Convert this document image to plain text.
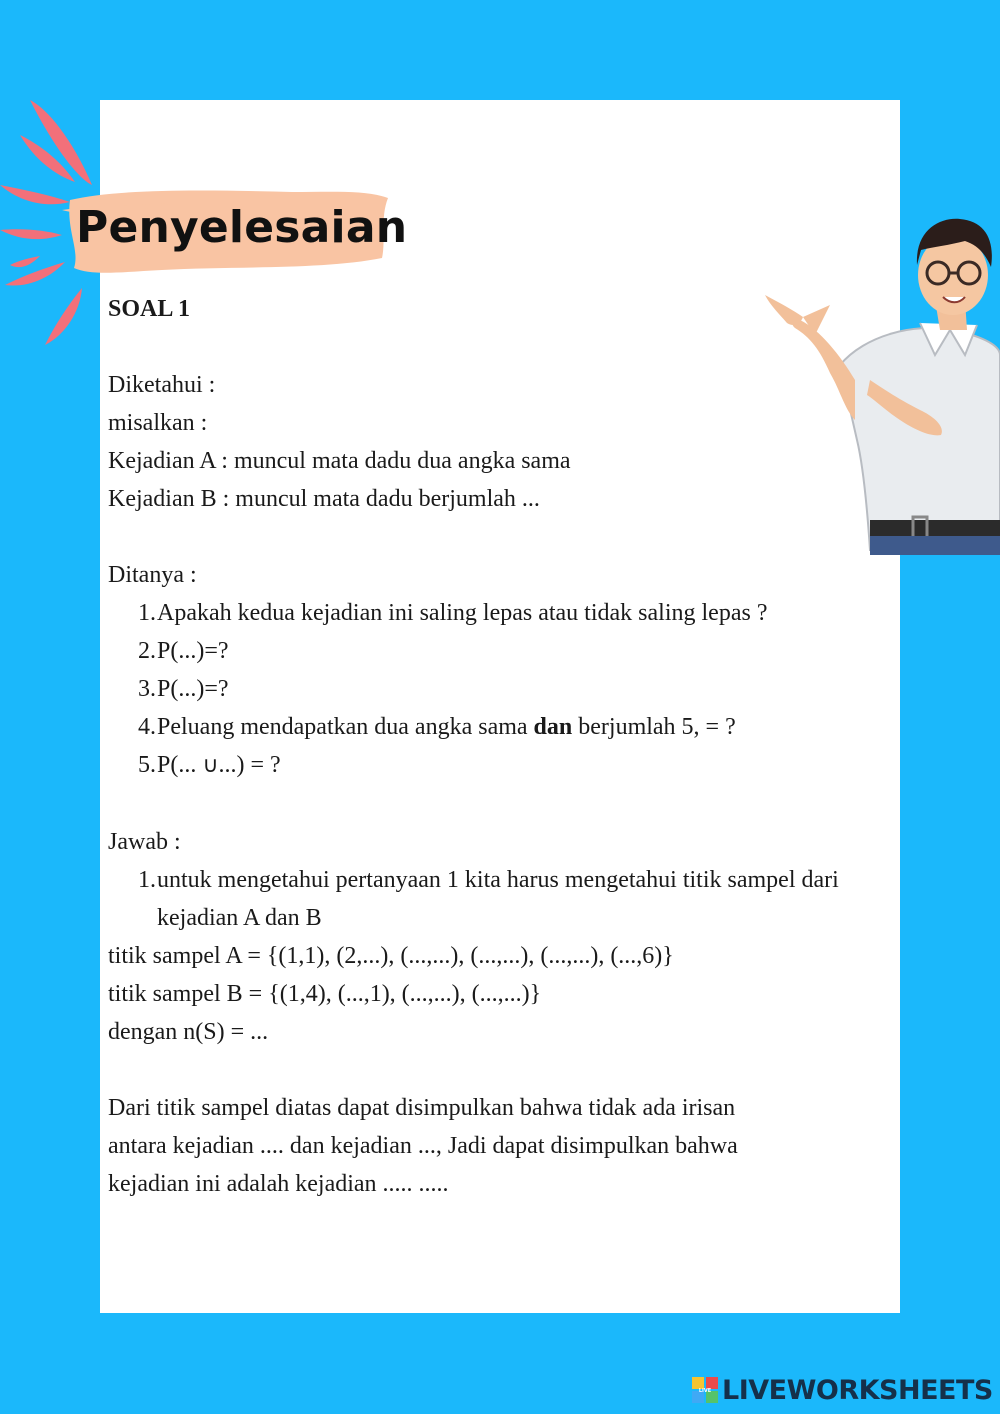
Penyelesaian
SOAL 1
Diketahui :
misalkan :
Kejadian A : muncul mata dadu dua angka sama
Kejadian B : muncul mata dadu berjumlah ...
Ditanya :
1. Apakah kedua kejadian ini saling lepas atau tidak saling lepas ?
2. P(...)=?
3. P(...)=?
4. Peluang mendapatkan dua angka sama dan berjumlah 5, = ?
5. P(... ∪...) = ?
Jawab :
1. untuk mengetahui pertanyaan 1 kita harus mengetahui titik sampel dari kejadian A dan B
titik sampel A = {(1,1), (2,...), (...,...), (...,...), (...,...), (...,6)}
titik sampel B = {(1,4), (...,1), (...,...), (...,...)}
dengan n(S) = ...
Dari titik sampel diatas dapat disimpulkan bahwa tidak ada irisan
antara kejadian .... dan kejadian ..., Jadi dapat disimpulkan bahwa
kejadian ini adalah kejadian ..... .....
LIVE LIVEWORKSHEETS
